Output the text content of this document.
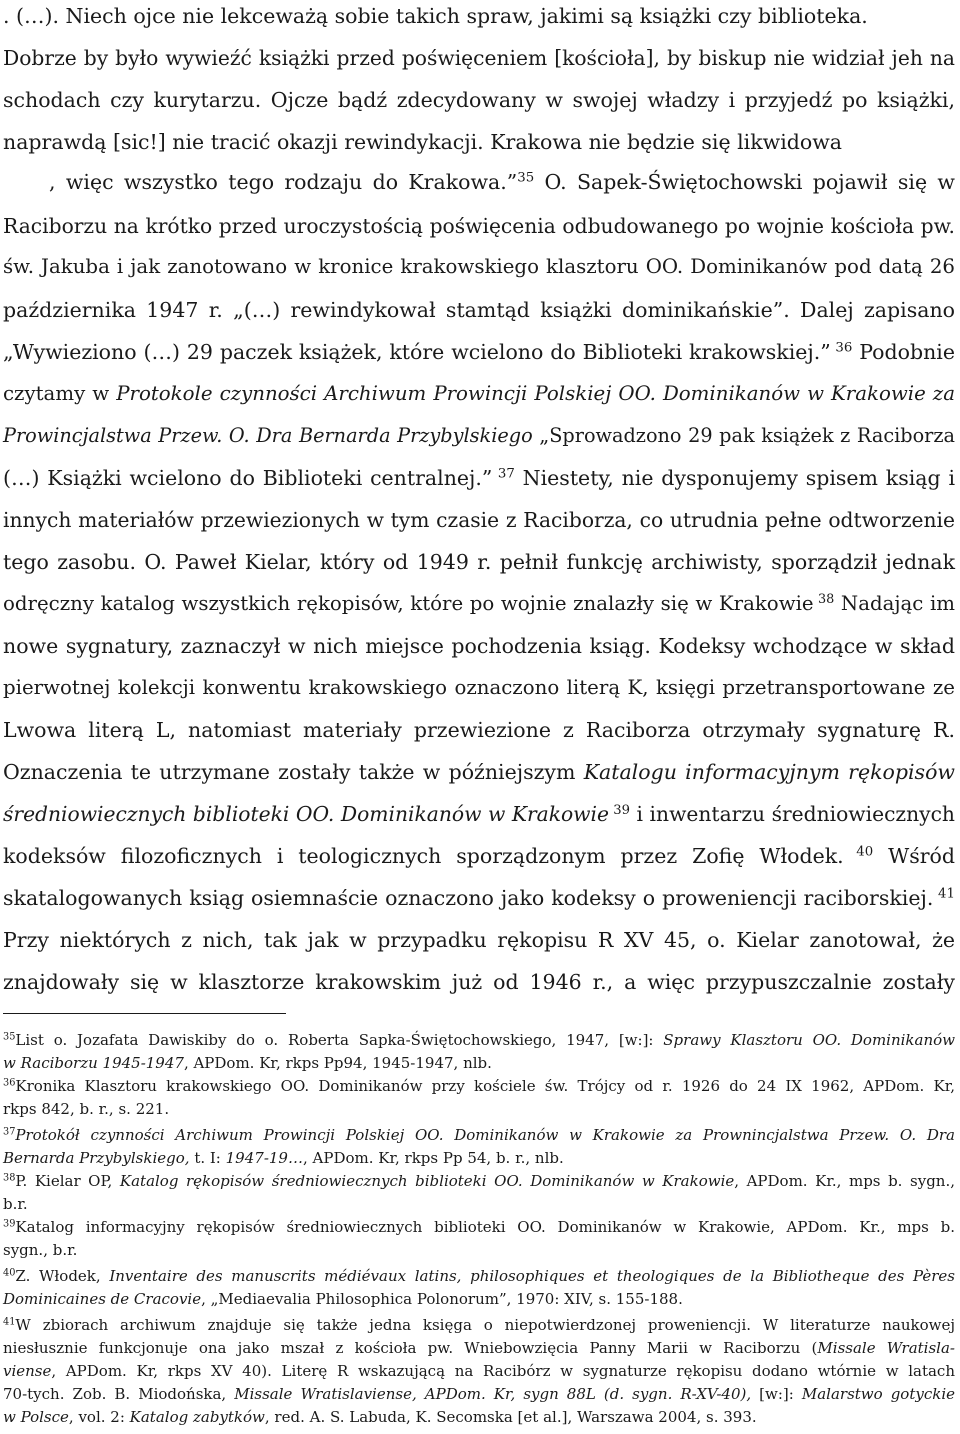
. (…). Niech ojce nie lekceważą sobie takich spraw, jakimi są książki czy biblioteka.
Dobrze by było wywieźć książki przed poświęceniem [kościoła], by biskup nie widział jeh na
schodach czy kurytarzu. Ojcze bądź zdecydowany w swojej władzy i przyjedź po książki,
naprawdą [sic!] nie tracić okazji rewindykacji. Krakowa nie będzie się likwidowa
, więc wszystko tego rodzaju do Krakowa.”$^{35}$ O. Sapek-Świętochowski pojawił się w
Raciborzu na krótko przed uroczystością poświęcenia odbudowanego po wojnie kościoła pw.
św. Jakuba i jak zanotowano w kronice krakowskiego klasztoru OO. Dominikanów pod datą 26
października 1947 r. „(…) rewindykował stamtąd książki dominikańskie”. Dalej zapisano
„Wywieziono (…) 29 paczek książek, które wcielono do Biblioteki krakowskiej.” $^{36}$ Podobnie
czytamy w Protokole czynności Archiwum Prowincji Polskiej OO. Dominikanów w Krakowie za
Prowincjalstwa Przew. O. Dra Bernarda Przybylskiego „Sprowadzono 29 pak książek z Raciborza
(…) Książki wcielono do Biblioteki centralnej.” $^{37}$ Niestety, nie dysponujemy spisem ksiąg i
innych materiałów przewiezionych w tym czasie z Raciborza, co utrudnia pełne odtworzenie
tego zasobu. O. Paweł Kielar, który od 1949 r. pełnił funkcję archiwisty, sporządził jednak
odręczny katalog wszystkich rękopisów, które po wojnie znalazły się w Krakowie $^{38}$ Nadając im
nowe sygnatury, zaznaczył w nich miejsce pochodzenia ksiąg. Kodeksy wchodzące w skład
pierwotnej kolekcji konwentu krakowskiego oznaczono literą K, księgi przetransportowane ze
Lwowa literą L, natomiast materiały przewiezione z Raciborza otrzymały sygnaturę R.
Oznaczenia te utrzymane zostały także w późniejszym Katalogu informacyjnym rękopisów
średniowiecznych biblioteki OO. Dominikanów w Krakowie $^{39}$ i inwentarzu średniowiecznych
kodeksów filozoficznych i teologicznych sporządzonym przez Zofię Włodek. $^{40}$ Wśród
skatalogowanych ksiąg osiemnaście oznaczono jako kodeksy o proweniencji raciborskiej. $^{41}$
Przy niektórych z nich, tak jak w przypadku rękopisu R XV 45, o. Kielar zanotował, że
znajdowały się w klasztorze krakowskim już od 1946 r., a więc przypuszczalnie zostały
$^{35}$List o. Jozafata Dawiskiby do o. Roberta Sapka-Świętochowskiego, 1947, [w:]: Sprawy Klasztoru OO. Dominikanów
w Raciborzu 1945-1947, APDom. Kr, rkps Pp94, 1945-1947, nlb.
$^{36}$Kronika Klasztoru krakowskiego OO. Dominikanów przy kościele św. Trójcy od r. 1926 do 24 IX 1962, APDom. Kr,
rkps 842, b. r., s. 221.
$^{37}$Protokół czynności Archiwum Prowincji Polskiej OO. Dominikanów w Krakowie za Prownincjalstwa Przew. O. Dra
Bernarda Przybylskiego, t. I: 1947-19…, APDom. Kr, rkps Pp 54, b. r., nlb.
$^{38}$P. Kielar OP, Katalog rękopisów średniowiecznych biblioteki OO. Dominikanów w Krakowie, APDom. Kr., mps b. sygn.,
b.r.
$^{39}$Katalog informacyjny rękopisów średniowiecznych biblioteki OO. Dominikanów w Krakowie, APDom. Kr., mps b.
sygn., b.r.
$^{40}$Z. Włodek, Inventaire des manuscrits médiévaux latins, philosophiques et theologiques de la Bibliotheque des Pères
Dominicaines de Cracovie, „Mediaevalia Philosophica Polonorum”, 1970: XIV, s. 155-188.
$^{41}$W zbiorach archiwum znajduje się także jedna księga o niepotwierdzonej proweniencji. W literaturze naukowej
niesłusznie funkcjonuje ona jako mszał z kościoła pw. Wniebowzięcia Panny Marii w Raciborzu (Missale Wratisla-
viense, APDom. Kr, rkps XV 40). Literę R wskazującą na Racibórz w sygnaturze rękopisu dodano wtórnie w latach
70-tych. Zob. B. Miodońska, Missale Wratislaviense, APDom. Kr, sygn 88L (d. sygn. R-XV-40), [w:]: Malarstwo gotyckie
w Polsce, vol. 2: Katalog zabytków, red. A. S. Labuda, K. Secomska [et al.], Warszawa 2004, s. 393.
